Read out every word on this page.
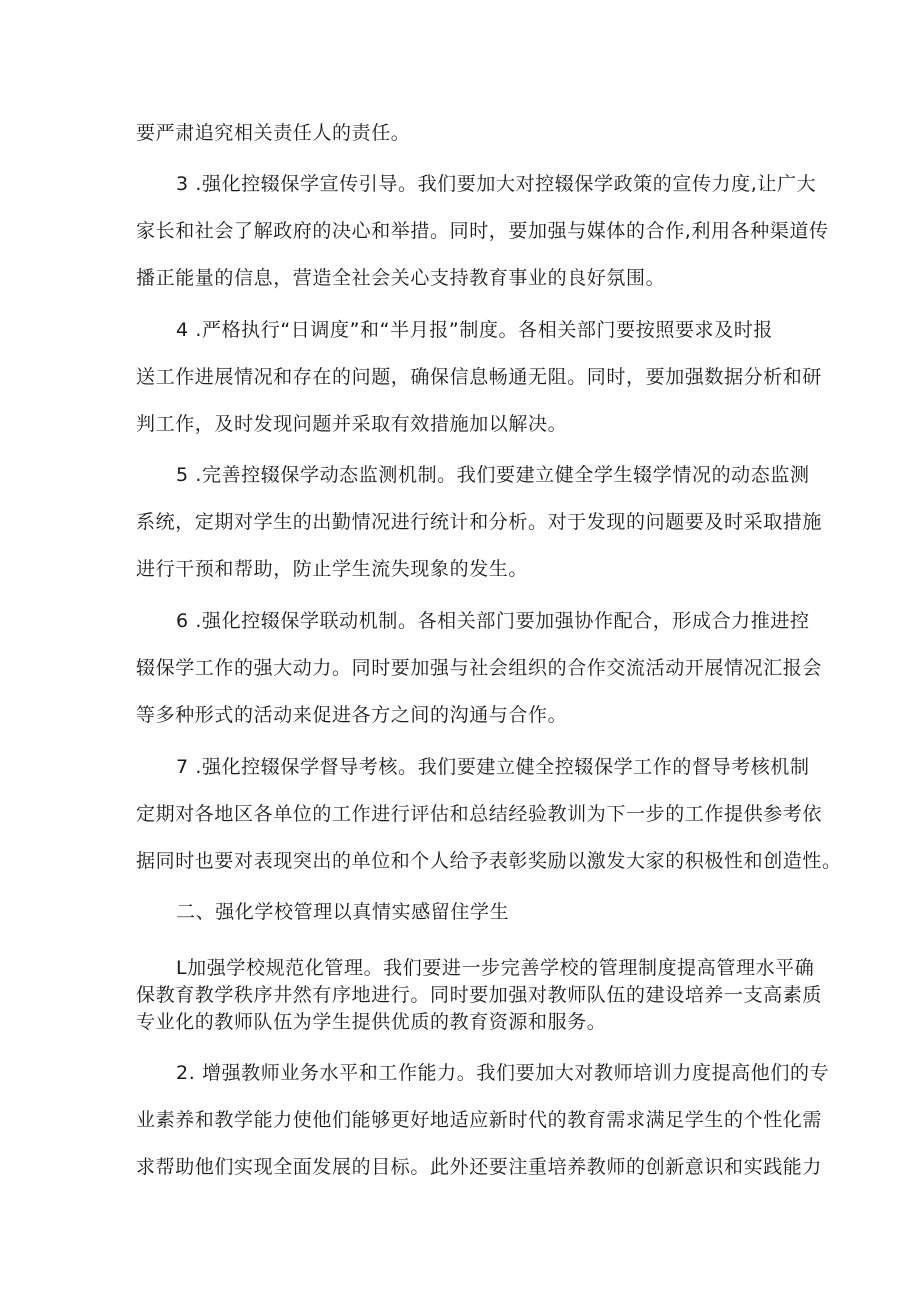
要严肃追究相关责任人的责任。
3 .强化控辍保学宣传引导。我们要加大对控辍保学政策的宣传力度,让广大
家长和社会了解政府的决心和举措。同时，要加强与媒体的合作,利用各种渠道传
播正能量的信息，营造全社会关心支持教育事业的良好氛围。
4 .严格执行“日调度”和“半月报”制度。各相关部门要按照要求及时报
送工作进展情况和存在的问题，确保信息畅通无阻。同时，要加强数据分析和研
判工作，及时发现问题并采取有效措施加以解决。
5 .完善控辍保学动态监测机制。我们要建立健全学生辍学情况的动态监测
系统，定期对学生的出勤情况进行统计和分析。对于发现的问题要及时采取措施
进行干预和帮助，防止学生流失现象的发生。
6 .强化控辍保学联动机制。各相关部门要加强协作配合，形成合力推进控
辍保学工作的强大动力。同时要加强与社会组织的合作交流活动开展情况汇报会
等多种形式的活动来促进各方之间的沟通与合作。
7 .强化控辍保学督导考核。我们要建立健全控辍保学工作的督导考核机制
定期对各地区各单位的工作进行评估和总结经验教训为下一步的工作提供参考依
据同时也要对表现突出的单位和个人给予表彰奖励以激发大家的积极性和创造性。
二、强化学校管理以真情实感留住学生
L加强学校规范化管理。我们要进一步完善学校的管理制度提高管理水平确
保教育教学秩序井然有序地进行。同时要加强对教师队伍的建设培养一支高素质
专业化的教师队伍为学生提供优质的教育资源和服务。
2. 增强教师业务水平和工作能力。我们要加大对教师培训力度提高他们的专
业素养和教学能力使他们能够更好地适应新时代的教育需求满足学生的个性化需
求帮助他们实现全面发展的目标。此外还要注重培养教师的创新意识和实践能力
